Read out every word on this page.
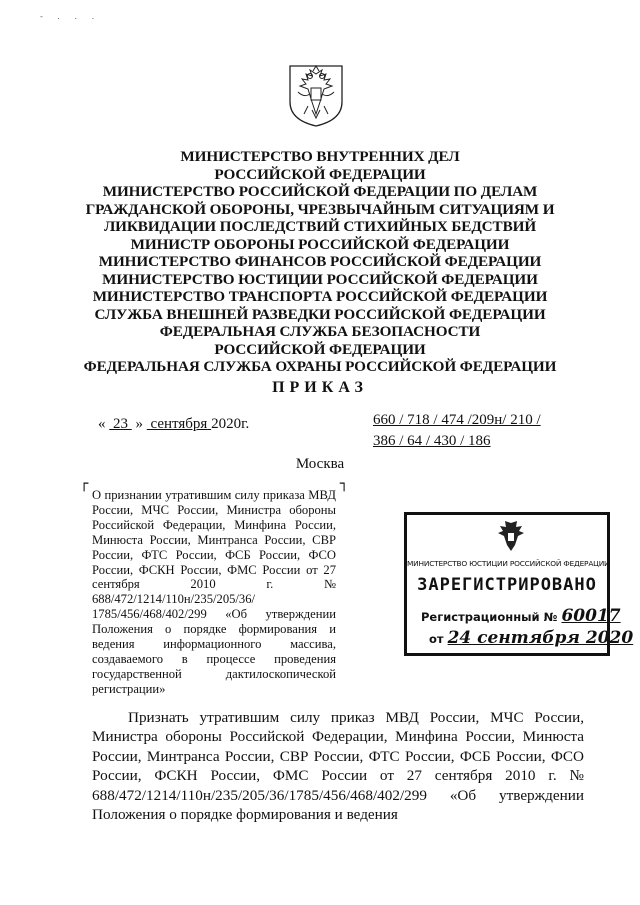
- . . .
МИНИСТЕРСТВО ВНУТРЕННИХ ДЕЛ
РОССИЙСКОЙ ФЕДЕРАЦИИ
МИНИСТЕРСТВО РОССИЙСКОЙ ФЕДЕРАЦИИ ПО ДЕЛАМ
ГРАЖДАНСКОЙ ОБОРОНЫ, ЧРЕЗВЫЧАЙНЫМ СИТУАЦИЯМ И
ЛИКВИДАЦИИ ПОСЛЕДСТВИЙ СТИХИЙНЫХ БЕДСТВИЙ
МИНИСТР ОБОРОНЫ РОССИЙСКОЙ ФЕДЕРАЦИИ
МИНИСТЕРСТВО ФИНАНСОВ РОССИЙСКОЙ ФЕДЕРАЦИИ
МИНИСТЕРСТВО ЮСТИЦИИ РОССИЙСКОЙ ФЕДЕРАЦИИ
МИНИСТЕРСТВО ТРАНСПОРТА РОССИЙСКОЙ ФЕДЕРАЦИИ
СЛУЖБА ВНЕШНЕЙ РАЗВЕДКИ РОССИЙСКОЙ ФЕДЕРАЦИИ
ФЕДЕРАЛЬНАЯ СЛУЖБА БЕЗОПАСНОСТИ
РОССИЙСКОЙ ФЕДЕРАЦИИ
ФЕДЕРАЛЬНАЯ СЛУЖБА ОХРАНЫ РОССИЙСКОЙ ФЕДЕРАЦИИ
ПРИКАЗ
« 23 » сентября 2020г.	660 / 718 / 474 /209н/ 210 /
386 / 64 / 430 / 186
Москва
┌	┐
О признании утратившим силу приказа МВД России, МЧС России, Министра обороны Российской Федерации, Минфина России, Минюста России, Минтранса России, СВР России, ФТС России, ФСБ России, ФСО России, ФСКН России, ФМС России от 27 сентября 2010 г. № 688/472/1214/110н/235/205/36/ 1785/456/468/402/299 «Об утверждении Положения о порядке формирования и ведения информационного массива, создаваемого в процессе проведения государственной дактилоскопической регистрации»
МИНИСТЕРСТВО ЮСТИЦИИ РОССИЙСКОЙ ФЕДЕРАЦИИ
ЗАРЕГИСТРИРОВАНО
Регистрационный № 60017
от 24 сентября 2020

Признать утратившим силу приказ МВД России, МЧС России, Министра обороны Российской Федерации, Минфина России, Минюста России, Минтранса России, СВР России, ФТС России, ФСБ России, ФСО России, ФСКН России, ФМС России от 27 сентября 2010 г. № 688/472/1214/110н/235/205/36/1785/456/468/402/299 «Об утверждении Положения о порядке формирования и ведения
